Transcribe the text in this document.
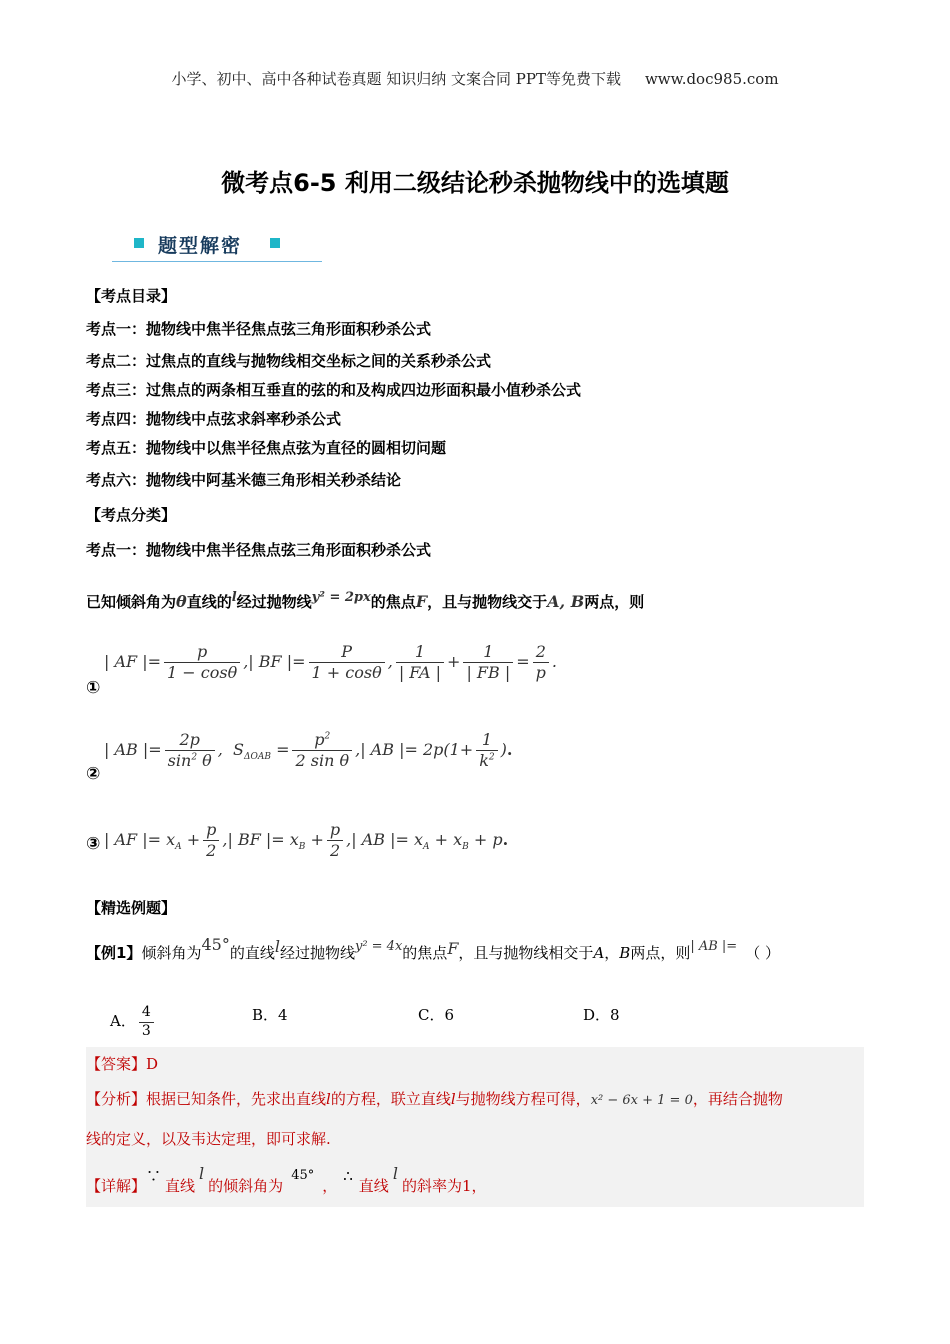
小学、初中、高中各种试卷真题 知识归纳 文案合同 PPT等免费下载 www.doc985.com
微考点6-5 利用二级结论秒杀抛物线中的选填题
题型解密
【考点目录】
考点一：抛物线中焦半径焦点弦三角形面积秒杀公式
考点二：过焦点的直线与抛物线相交坐标之间的关系秒杀公式
考点三：过焦点的两条相互垂直的弦的和及构成四边形面积最小值秒杀公式
考点四：抛物线中点弦求斜率秒杀公式
考点五：抛物线中以焦半径焦点弦为直径的圆相切问题
考点六：抛物线中阿基米德三角形相关秒杀结论
【考点分类】
考点一：抛物线中焦半径焦点弦三角形面积秒杀公式
已知倾斜角为θ直线的l经过抛物线y² = 2px的焦点F，且与抛物线交于A, B两点，则
①
| AF |= $\frac{p}{1 - \cos\theta}$ ,| BF |= $\frac{P}{1 + \cos\theta}$ , $\frac{1}{| FA |} + \frac{1}{| FB |} = \frac{2}{p}$ .
②
| AB |= $\frac{2p}{\sin^2 \theta}$ ,  $S_{\Delta OAB} = \frac{p^2}{\text{2 sin θ}}$ ,| AB |= $2p(1+ \frac{1}{k^2}$ ).
③ | AF |= $x_A + \frac{p}{2}$ ,| BF |= $x_B + \frac{p}{2}$ ,| AB |= $x_A + x_B + p$.
【精选例题】
【例1】倾斜角为45°的直线l经过抛物线y² = 4x的焦点F，且与抛物线相交于A，B两点，则| AB |= （ ）
A． $\frac{4}{3}$	B．4	C．6	D．8
【答案】D
【分析】根据已知条件，先求出直线l的方程，联立直线l与抛物线方程可得，x² − 6x + 1 = 0，再结合抛物
线的定义，以及韦达定理，即可求解.
【详解】∵直线l的倾斜角为45°，∴直线l的斜率为1，
